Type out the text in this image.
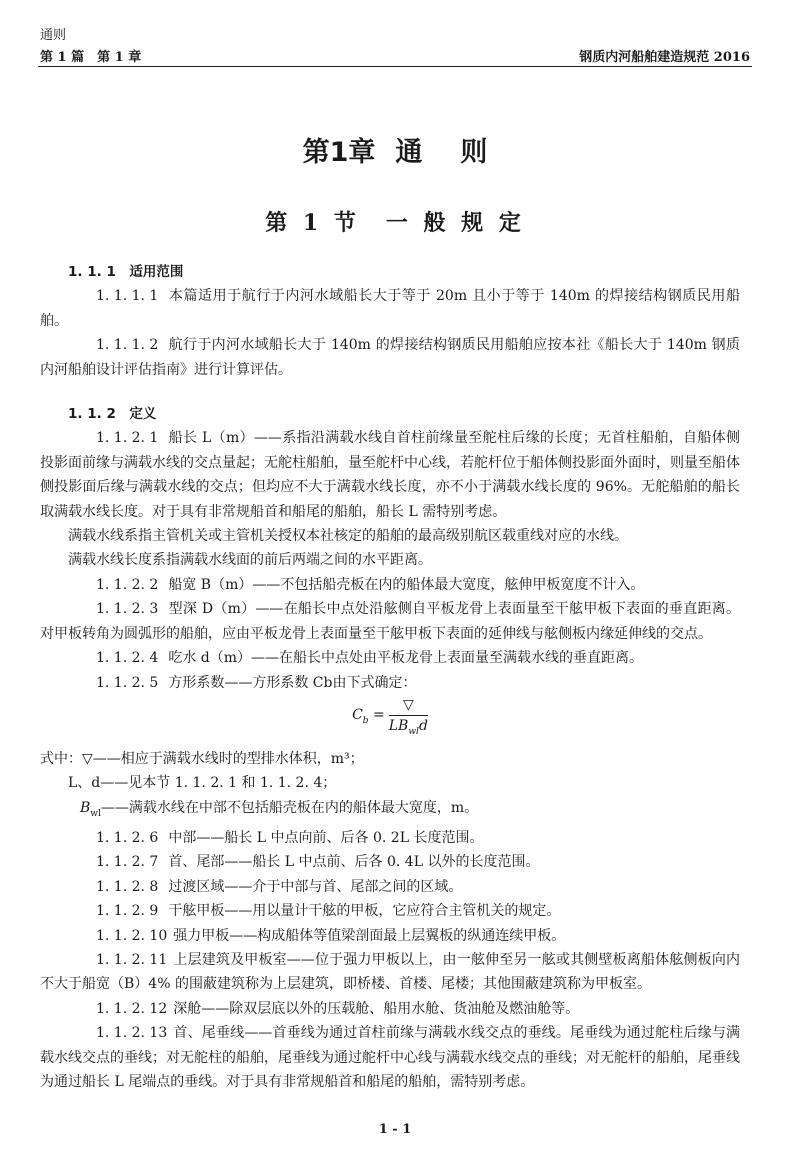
通则
第 1 篇　第 1 章	钢质内河船舶建造规范 2016
第1章 通 则
第 1 节 一 般 规 定
1. 1. 1　适用范围
1. 1. 1. 1 本篇适用于航行于内河水域船长大于等于 20m 且小于等于 140m 的焊接结构钢质民用船舶。
1. 1. 1. 2 航行于内河水域船长大于 140m 的焊接结构钢质民用船舶应按本社《船长大于 140m 钢质内河船舶设计评估指南》进行计算评估。
1. 1. 2　定义
1. 1. 2. 1 船长 L（m）——系指沿满载水线自首柱前缘量至舵柱后缘的长度；无首柱船舶，自船体侧投影面前缘与满载水线的交点量起；无舵柱船舶，量至舵杆中心线，若舵杆位于船体侧投影面外面时，则量至船体侧投影面后缘与满载水线的交点；但均应不大于满载水线长度，亦不小于满载水线长度的 96%。无舵船舶的船长取满载水线长度。对于具有非常规船首和船尾的船舶，船长 L 需特别考虑。
满载水线系指主管机关或主管机关授权本社核定的船舶的最高级别航区载重线对应的水线。
满载水线长度系指满载水线面的前后两端之间的水平距离。
1. 1. 2. 2 船宽 B（m）——不包括船壳板在内的船体最大宽度，舷伸甲板宽度不计入。
1. 1. 2. 3 型深 D（m）——在船长中点处沿舷侧自平板龙骨上表面量至干舷甲板下表面的垂直距离。对甲板转角为圆弧形的船舶，应由平板龙骨上表面量至干舷甲板下表面的延伸线与舷侧板内缘延伸线的交点。
1. 1. 2. 4 吃水 d（m）——在船长中点处由平板龙骨上表面量至满载水线的垂直距离。
1. 1. 2. 5 方形系数——方形系数 Cb由下式确定：
$C_b = \frac{▽}{LB_{wl}d}$
式中：▽——相应于满载水线时的型排水体积，m³；
L、d——见本节 1. 1. 2. 1 和 1. 1. 2. 4；
$B_{wl}——$满载水线在中部不包括船壳板在内的船体最大宽度，m。
1. 1. 2. 6 中部——船长 L 中点向前、后各 0. 2L 长度范围。
1. 1. 2. 7 首、尾部——船长 L 中点前、后各 0. 4L 以外的长度范围。
1. 1. 2. 8 过渡区域——介于中部与首、尾部之间的区域。
1. 1. 2. 9 干舷甲板——用以量计干舷的甲板，它应符合主管机关的规定。
1. 1. 2. 10 强力甲板——构成船体等值梁剖面最上层翼板的纵通连续甲板。
1. 1. 2. 11 上层建筑及甲板室——位于强力甲板以上，由一舷伸至另一舷或其侧壁板离船体舷侧板向内不大于船宽（B）4% 的围蔽建筑称为上层建筑，即桥楼、首楼、尾楼；其他围蔽建筑称为甲板室。
1. 1. 2. 12 深舱——除双层底以外的压载舱、船用水舱、货油舱及燃油舱等。
1. 1. 2. 13 首、尾垂线——首垂线为通过首柱前缘与满载水线交点的垂线。尾垂线为通过舵柱后缘与满载水线交点的垂线；对无舵柱的船舶，尾垂线为通过舵杆中心线与满载水线交点的垂线；对无舵杆的船舶，尾垂线为通过船长 L 尾端点的垂线。对于具有非常规船首和船尾的船舶，需特别考虑。
1 - 1
